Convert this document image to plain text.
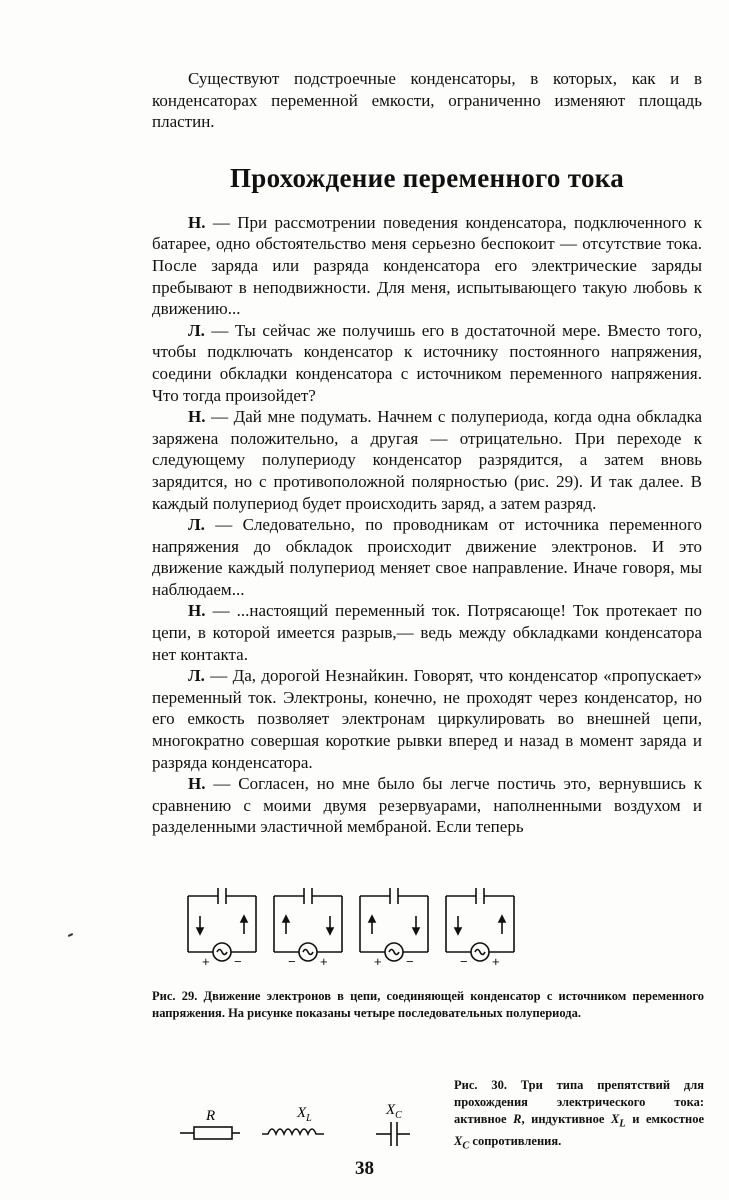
Существуют подстроечные конденсаторы, в которых, как и в конденсаторах переменной емкости, ограниченно изменяют площадь пластин.

Прохождение переменного тока

Н. — При рассмотрении поведения конденсатора, подключенного к батарее, одно обстоятельство меня серьезно беспокоит — отсутствие тока. После заряда или разряда конденсатора его электрические заряды пребывают в неподвижности. Для меня, испытывающего такую любовь к движению...

Л. — Ты сейчас же получишь его в достаточной мере. Вместо того, чтобы подключать конденсатор к источнику постоянного напряжения, соедини обкладки конденсатора с источником переменного напряжения. Что тогда произойдет?

Н. — Дай мне подумать. Начнем с полупериода, когда одна обкладка заряжена положительно, а другая — отрицательно. При переходе к следующему полупериоду конденсатор разрядится, а затем вновь зарядится, но с противоположной полярностью (рис. 29). И так далее. В каждый полупериод будет происходить заряд, а затем разряд.

Л. — Следовательно, по проводникам от источника переменного напряжения до обкладок происходит движение электронов. И это движение каждый полупериод меняет свое направление. Иначе говоря, мы наблюдаем...

Н. — ...настоящий переменный ток. Потрясающе! Ток протекает по цепи, в которой имеется разрыв,— ведь между обкладками конденсатора нет контакта.

Л. — Да, дорогой Незнайкин. Говорят, что конденсатор «пропускает» переменный ток. Электроны, конечно, не проходят через конденсатор, но его емкость позволяет электронам циркулировать во внешней цепи, многократно совершая короткие рывки вперед и назад в момент заряда и разряда конденсатора.

Н. — Согласен, но мне было бы легче постичь это, вернувшись к сравнению с моими двумя резервуарами, наполненными воздухом и разделенными эластичной мембраной. Если теперь

+ −	− +	+ −	− +

Рис. 29. Движение электронов в цепи, соединяющей конденсатор с источником переменного напряжения. На рисунке показаны четыре последовательных полупериода.

R	$X_L$
$X_C$

Рис. 30. Три типа препятствий для прохождения электрического тока: активное R, индуктивное $X_L$ и емкостное $X_C$ сопротивления.

38
